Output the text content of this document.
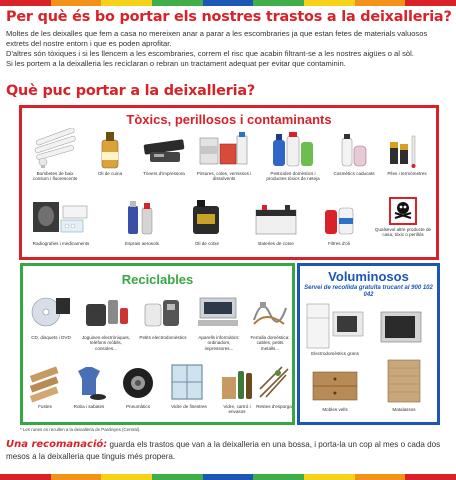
Per què és bo portar els nostres trastos a la deixalleria?

Moltes de les deixalles que fem a casa no mereixen anar a parar a les escombraries ja que estan fetes de materials valuosos extrets del nostre entorn i que es poden aprofitar.

D'altres són tòxiques i si les llencem a les escombraries, correm el risc que acabin filtrant-se a les nostres aigües o al sòl.

Si les portem a la deixalleria les reciclaran o rebran un tractament adequat per evitar que contaminin.

Què puc portar a la deixalleria?
Tòxics, perillosos i contaminants
Bombetes de baix consum i fluorescents
Oli de cuina	Tòners d'impressora	Pintures, coles, vernissos i dissolvents
Pesticides domèstics i productes tòxics de neteja
Cosmètics caducats	Piles i termòmetres
Radiografies i medicaments	Esprais aerosols	Oli de cotxe	Bateries de cotxe	Filtres d'oli
Qualsevol altre producte de casa, tòxic o perillós
Reciclables
CD, disquets i DVD	Joguines electròniques, telèfons mòbils, consoles...
Petits electrodomèstics	Aparells informàtics: ordinadors, impressores...
Ferralla domèstica: cables, petits metalls...
Fustes	Roba i sabates	Pneumàtics	Vidre de finestres	Vidre, cartró i envasos
Restes d'esporga
Voluminosos
Servei de recollida gratuïta trucant al 900 102 042
Electrodomèstics grans
Mobles vells	Matalassos
* Les runes es recullen a la deixalleria de Pardinyes (Central).
Una recomanació: guarda els trastos que van a la deixalleria en una bossa, i porta-la un cop al mes o cada dos mesos a la deixalleria que tinguis més propera.
